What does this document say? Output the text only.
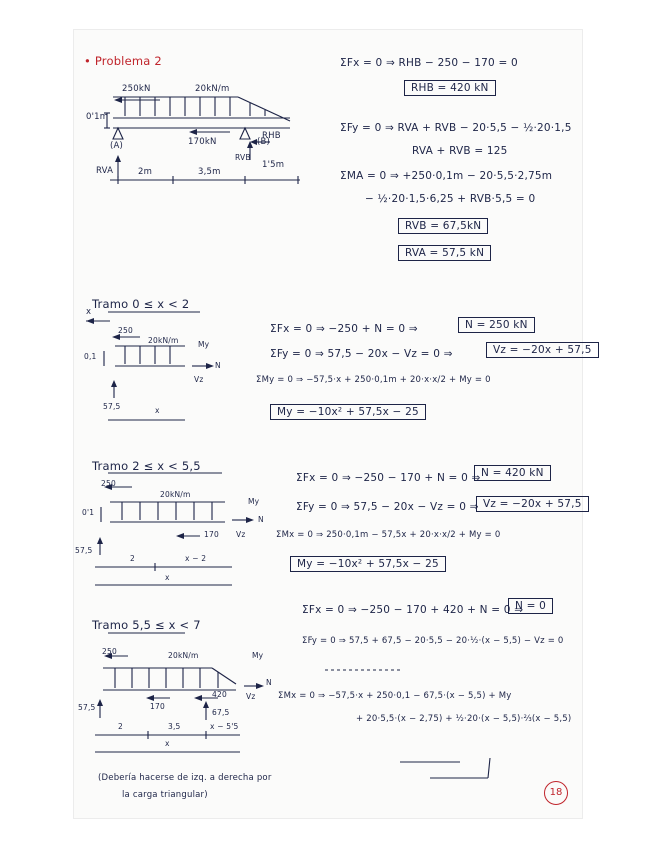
• Problema 2
250kN	20kN/m
0'1m
(A)	170kN	(B)
RHB
RVB
RVA	2m	3,5m
1'5m
ΣFx = 0 ⇒ RHB − 250 − 170 = 0
RHB = 420 kN
ΣFy = 0 ⇒ RVA + RVB − 20·5,5 − ½·20·1,5
RVA + RVB = 125
ΣMA = 0 ⇒ +250·0,1m − 20·5,5·2,75m
− ½·20·1,5·6,25 + RVB·5,5 = 0
RVB = 67,5kN
RVA = 57,5 kN
Tramo 0 ≤ x < 2
x
250
20kN/m
0,1
My
N
Vz
57,5	x
ΣFx = 0 ⇒ −250 + N = 0 ⇒	N = 250 kN
ΣFy = 0 ⇒ 57,5 − 20x − Vz = 0 ⇒	Vz = −20x + 57,5
ΣMy = 0 ⇒ −57,5·x + 250·0,1m + 20·x·x/2 + My = 0
My = −10x² + 57,5x − 25
Tramo 2 ≤ x < 5,5
250
20kN/m
0'1
170
My
N
Vz
57,5
2	x − 2
x
ΣFx = 0 ⇒ −250 − 170 + N = 0 ⇒ N = 420 kN
ΣFy = 0 ⇒ 57,5 − 20x − Vz = 0 ⇒ Vz = −20x + 57,5
ΣMx = 0 ⇒ 250·0,1m − 57,5x + 20·x·x/2 + My = 0
My = −10x² + 57,5x − 25
Tramo 5,5 ≤ x < 7
250	20kN/m
57,5	170
420
67,5
My
N
Vz
2	3,5	x − 5'5
x
ΣFx = 0 ⇒ −250 − 170 + 420 + N = 0 ⇒
N = 0
ΣFy = 0 ⇒ 57,5 + 67,5 − 20·5,5 − 20·½·(x − 5,5) − Vz = 0
ΣMx = 0 ⇒ −57,5·x + 250·0,1 − 67,5·(x − 5,5) + My
+ 20·5,5·(x − 2,75) + ½·20·(x − 5,5)·⅔(x − 5,5)
(Debería hacerse de izq. a derecha por
la carga triangular)	18
